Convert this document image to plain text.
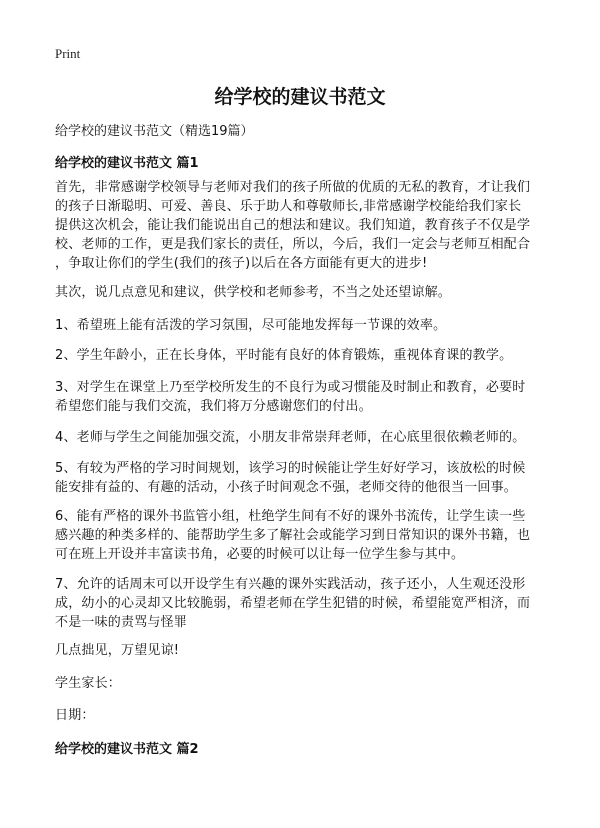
Print
给学校的建议书范文
给学校的建议书范文（精选19篇）
给学校的建议书范文 篇1
首先，非常感谢学校领导与老师对我们的孩子所做的优质的无私的教育，才让我们
的孩子日渐聪明、可爱、善良、乐于助人和尊敬师长,非常感谢学校能给我们家长
提供这次机会，能让我们能说出自己的想法和建议。我们知道，教育孩子不仅是学
校、老师的工作，更是我们家长的责任，所以，今后，我们一定会与老师互相配合
，争取让你们的学生(我们的孩子)以后在各方面能有更大的进步!
其次，说几点意见和建议，供学校和老师参考，不当之处还望谅解。
1、希望班上能有活泼的学习氛围，尽可能地发挥每一节课的效率。
2、学生年龄小，正在长身体，平时能有良好的体育锻炼，重视体育课的教学。
3、对学生在课堂上乃至学校所发生的不良行为或习惯能及时制止和教育，必要时
希望您们能与我们交流，我们将万分感谢您们的付出。
4、老师与学生之间能加强交流，小朋友非常崇拜老师，在心底里很依赖老师的。
5、有较为严格的学习时间规划，该学习的时候能让学生好好学习，该放松的时候
能安排有益的、有趣的活动，小孩子时间观念不强，老师交待的他很当一回事。
6、能有严格的课外书监管小组，杜绝学生间有不好的课外书流传，让学生读一些
感兴趣的种类多样的、能帮助学生多了解社会或能学习到日常知识的课外书籍，也
可在班上开设并丰富读书角，必要的时候可以让每一位学生参与其中。
7、允许的话周末可以开设学生有兴趣的课外实践活动，孩子还小，人生观还没形
成，幼小的心灵却又比较脆弱，希望老师在学生犯错的时候，希望能宽严相济，而
不是一味的责骂与怪罪
几点拙见，万望见谅!
学生家长：
日期：
给学校的建议书范文 篇2
